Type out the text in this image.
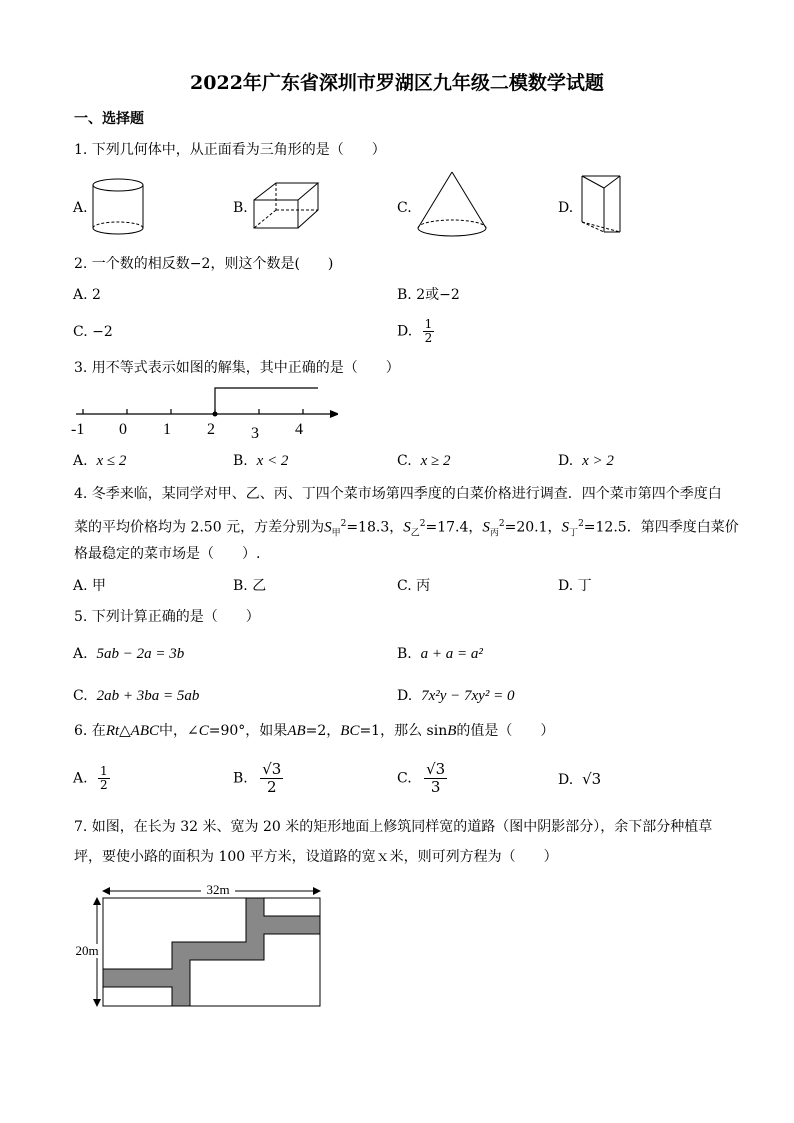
2022年广东省深圳市罗湖区九年级二模数学试题
一、选择题
1. 下列几何体中，从正面看为三角形的是（　　）
A.	B.	C.	D.
2. 一个数的相反数−2，则这个数是(　　)
A. 2	B. 2或−2
C. −2	D. $\frac{1}{2}$
3. 用不等式表示如图的解集，其中正确的是（　　）
-1 0 1 2 3 4
A. x ≤ 2	B. x < 2	C. x ≥ 2	D. x > 2
4. 冬季来临，某同学对甲、乙、丙、丁四个菜市场第四季度的白菜价格进行调查．四个菜市第四个季度白
菜的平均价格均为 2.50 元，方差分别为$S_甲^2=18.3$，$S_乙^2=17.4$，$S_丙^2=20.1$，$S_丁^2=12.5$．第四季度白菜价
格最稳定的菜市场是（　　）.
A. 甲	B. 乙	C. 丙	D. 丁
5. 下列计算正确的是（　　）
A. 5ab − 2a = 3b	B. a + a = a²
C. 2ab + 3ba = 5ab	D. 7x²y − 7xy² = 0
6. 在Rt△ABC中，∠C=90°，如果AB=2，BC=1，那么 sinB的值是（　　）
A. $\frac{1}{2}$	B. $\frac{√3}{2}$	C. $\frac{√3}{3}$	D. √3
7. 如图，在长为 32 米、宽为 20 米的矩形地面上修筑同样宽的道路（图中阴影部分），余下部分种植草
坪，要使小路的面积为 100 平方米，设道路的宽ｘ米，则可列方程为（　　）
32m
20m
